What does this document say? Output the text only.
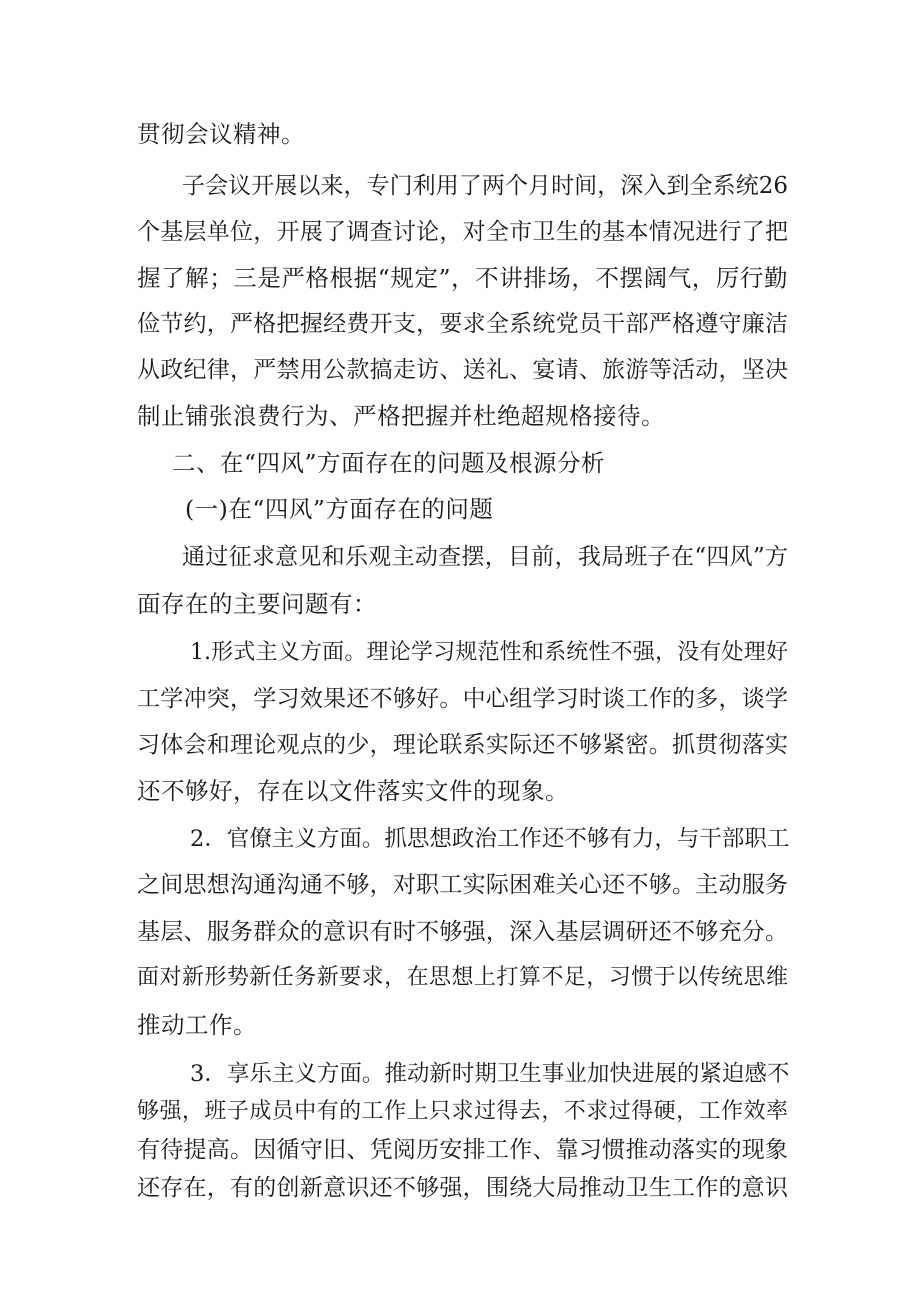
贯彻会议精神。
子会议开展以来，专门利用了两个月时间，深入到全系统26
个基层单位，开展了调查讨论，对全市卫生的基本情况进行了把
握了解；三是严格根据“规定”，不讲排场，不摆阔气，厉行勤
俭节约，严格把握经费开支，要求全系统党员干部严格遵守廉洁
从政纪律，严禁用公款搞走访、送礼、宴请、旅游等活动，坚决
制止铺张浪费行为、严格把握并杜绝超规格接待。
二、在“四风”方面存在的问题及根源分析
(一)在“四风”方面存在的问题
通过征求意见和乐观主动查摆，目前，我局班子在“四风”方
面存在的主要问题有：
1.形式主义方面。理论学习规范性和系统性不强，没有处理好
工学冲突，学习效果还不够好。中心组学习时谈工作的多，谈学
习体会和理论观点的少，理论联系实际还不够紧密。抓贯彻落实
还不够好，存在以文件落实文件的现象。
2．官僚主义方面。抓思想政治工作还不够有力，与干部职工
之间思想沟通沟通不够，对职工实际困难关心还不够。主动服务
基层、服务群众的意识有时不够强，深入基层调研还不够充分。
面对新形势新任务新要求，在思想上打算不足，习惯于以传统思维
推动工作。
3．享乐主义方面。推动新时期卫生事业加快进展的紧迫感不
够强，班子成员中有的工作上只求过得去，不求过得硬，工作效率
有待提高。因循守旧、凭阅历安排工作、靠习惯推动落实的现象
还存在，有的创新意识还不够强，围绕大局推动卫生工作的意识
